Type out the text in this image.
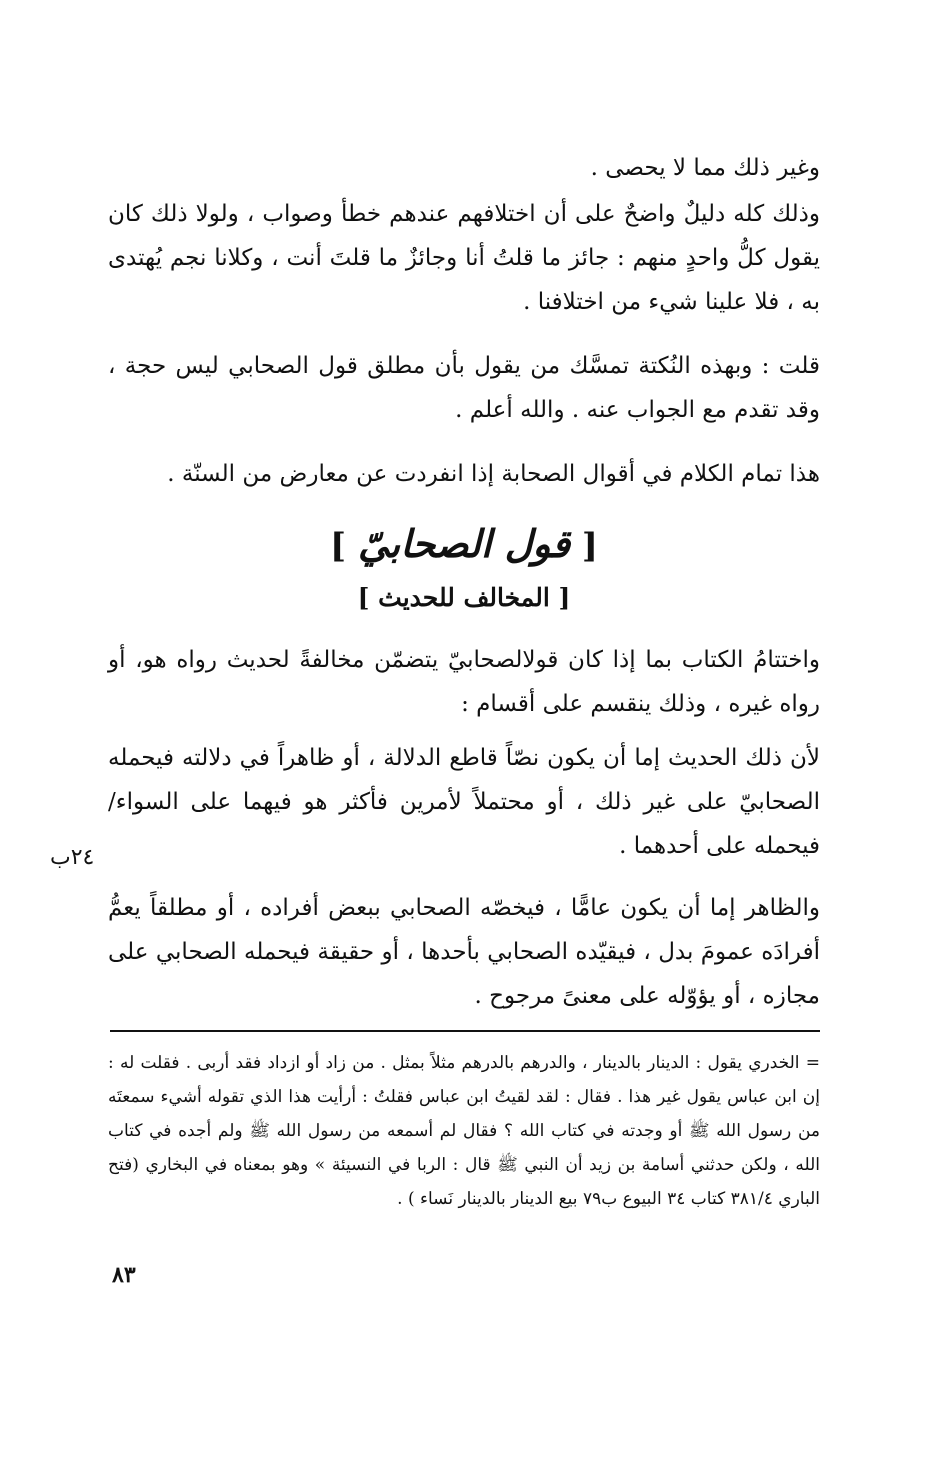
وغير ذلك مما لا يحصى .
وذلك كله دليلٌ واضحٌ على أن اختلافهم عندهم خطأ وصواب ، ولولا ذلك كان يقول كلُّ واحدٍ منهم : جائز ما قلتُ أنا وجائزٌ ما قلتَ أنت ، وكلانا نجم يُهتدى به ، فلا علينا شيء من اختلافنا .
قلت : وبهذه النُكتة تمسَّك من يقول بأن مطلق قول الصحابي ليس حجة ، وقد تقدم مع الجواب عنه . والله أعلم .
هذا تمام الكلام في أقوال الصحابة إذا انفردت عن معارض من السنّة .
[ قول الصحابيّ ]
[ المخالف للحديث ]
واختتامُ الكتاب بما إذا كان قولالصحابيّ يتضمّن مخالفةً لحديث رواه هو، أو رواه غيره ، وذلك ينقسم على أقسام :
لأن ذلك الحديث إما أن يكون نصّاً قاطع الدلالة ، أو ظاهراً في دلالته فيحمله الصحابيّ على غير ذلك ، أو محتملاً لأمرين فأكثر هو فيهما على السواء/فيحمله على أحدهما .
٢٤ب
والظاهر إما أن يكون عامًّا ، فيخصّه الصحابي ببعض أفراده ، أو مطلقاً يعمُّ أفرادَه عمومَ بدل ، فيقيّده الصحابي بأحدها ، أو حقيقة فيحمله الصحابي على مجازه ، أو يؤوّله على معنىً مرجوح .
= الخدري يقول : الدينار بالدينار ، والدرهم بالدرهم مثلاً بمثل . من زاد أو ازداد فقد أربى . فقلت له : إن ابن عباس يقول غير هذا . فقال : لقد لقيتُ ابن عباس فقلتُ : أرأيت هذا الذي تقوله أشيء سمعتَه من رسول الله ﷺ أو وجدته في كتاب الله ؟ فقال لم أسمعه من رسول الله ﷺ ولم أجده في كتاب الله ، ولكن حدثني أسامة بن زيد أن النبي ﷺ قال : الربا في النسيئة » وهو بمعناه في البخاري (فتح الباري ٣٨١/٤ كتاب ٣٤ البيوع ب٧٩ بيع الدينار بالدينار نَساء ) .
٨٣
